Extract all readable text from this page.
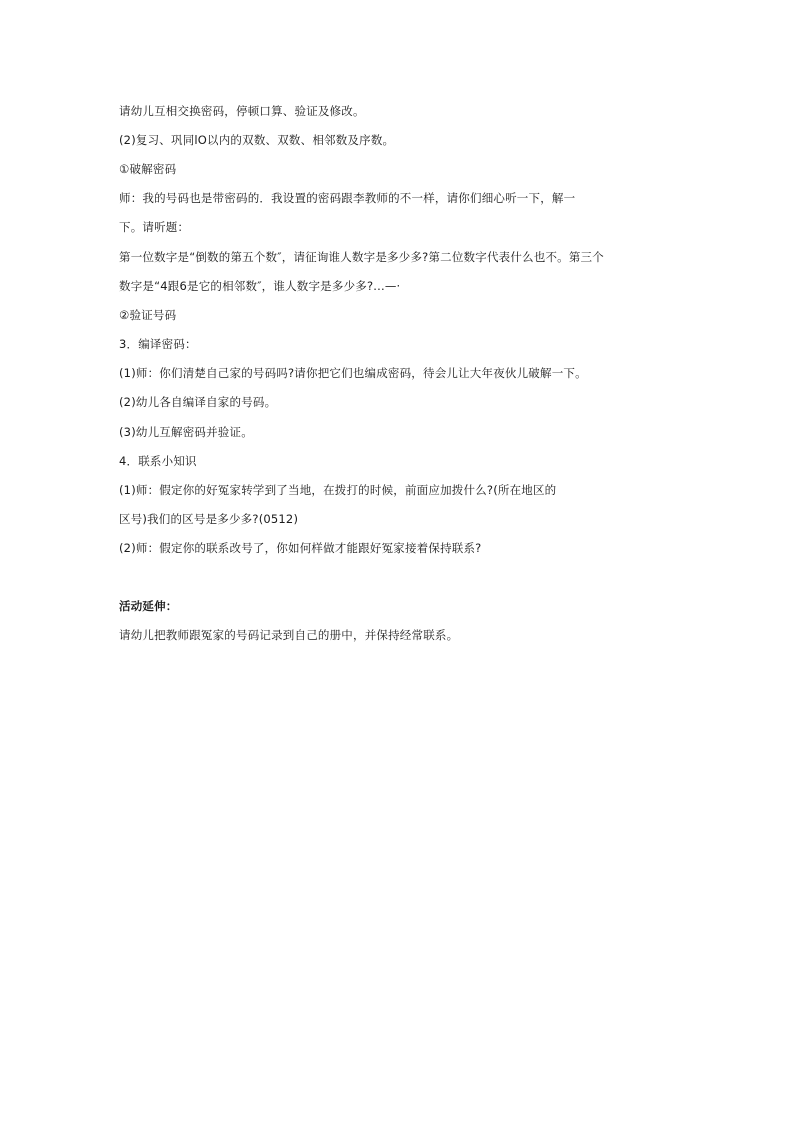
请幼儿互相交换密码，停顿口算、验证及修改。
(2)复习、巩同lO以内的双数、双数、相邻数及序数。
①破解密码
师：我的号码也是带密码的．我设置的密码跟李教师的不一样，请你们细心听一下，解一
下。请听题：
第一位数字是“倒数的第五个数″，请征询谁人数字是多少多?第二位数字代表什么也不。第三个
数字是“4跟6是它的相邻数″，谁人数字是多少多?...—·
②验证号码
3．编译密码：
(1)师：你们清楚自己家的号码吗?请你把它们也编成密码，待会儿让大年夜伙儿破解一下。
(2)幼儿各自编译自家的号码。
(3)幼儿互解密码并验证。
4．联系小知识
(1)师：假定你的好冤家转学到了当地，在拨打的时候，前面应加拨什么?(所在地区的
区号)我们的区号是多少多?(0512)
(2)师：假定你的联系改号了，你如何样做才能跟好冤家接着保持联系?
活动延伸：
请幼儿把教师跟冤家的号码记录到自己的册中，并保持经常联系。
